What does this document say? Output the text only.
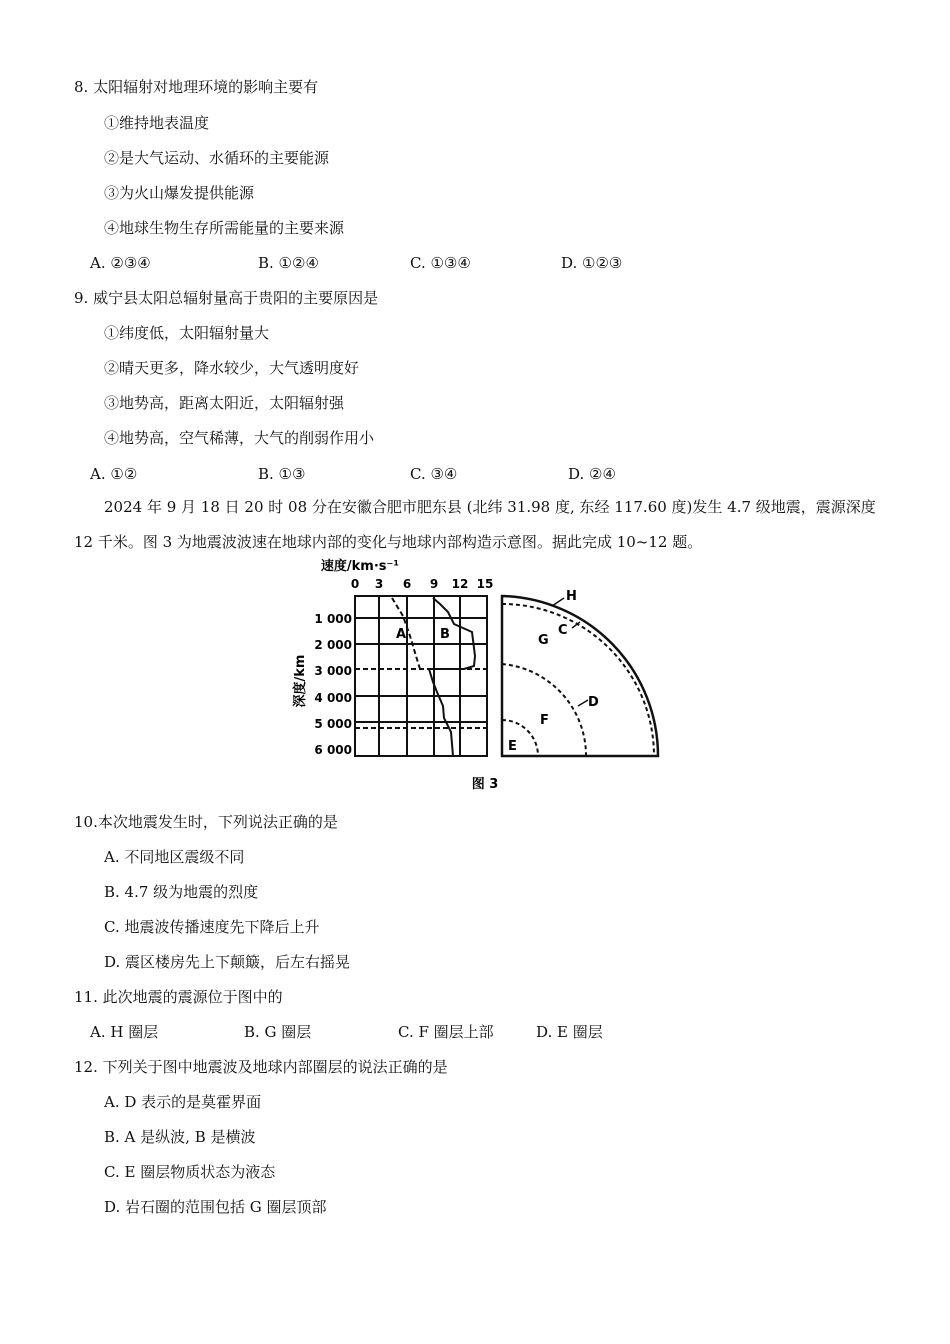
8. 太阳辐射对地理环境的影响主要有
①维持地表温度
②是大气运动、水循环的主要能源
③为火山爆发提供能源
④地球生物生存所需能量的主要来源
A. ②③④	B. ①②④	C. ①③④	D. ①②③
9. 威宁县太阳总辐射量高于贵阳的主要原因是
①纬度低，太阳辐射量大
②晴天更多，降水较少，大气透明度好
③地势高，距离太阳近，太阳辐射强
④地势高，空气稀薄，大气的削弱作用小
A. ①②	B. ①③	C. ③④	D. ②④
2024 年 9 月 18 日 20 时 08 分在安徽合肥市肥东县 (北纬 31.98 度, 东经 117.60 度)发生 4.7 级地震，震源深度 12 千米。图 3 为地震波波速在地球内部的变化与地球内部构造示意图。据此完成 10~12 题。
速度/km·s⁻¹
0 3 6 9 12 15
深度/km
1 000
2 000
3 000
4 000
5 000
6 000
A	B
H
C
G
D
F
E
图 3
10.本次地震发生时，下列说法正确的是
A. 不同地区震级不同
B. 4.7 级为地震的烈度
C. 地震波传播速度先下降后上升
D. 震区楼房先上下颠簸，后左右摇晃
11. 此次地震的震源位于图中的
A. H 圈层	B. G 圈层	C. F 圈层上部	D. E 圈层
12. 下列关于图中地震波及地球内部圈层的说法正确的是
A. D 表示的是莫霍界面
B. A 是纵波, B 是横波
C. E 圈层物质状态为液态
D. 岩石圈的范围包括 G 圈层顶部
